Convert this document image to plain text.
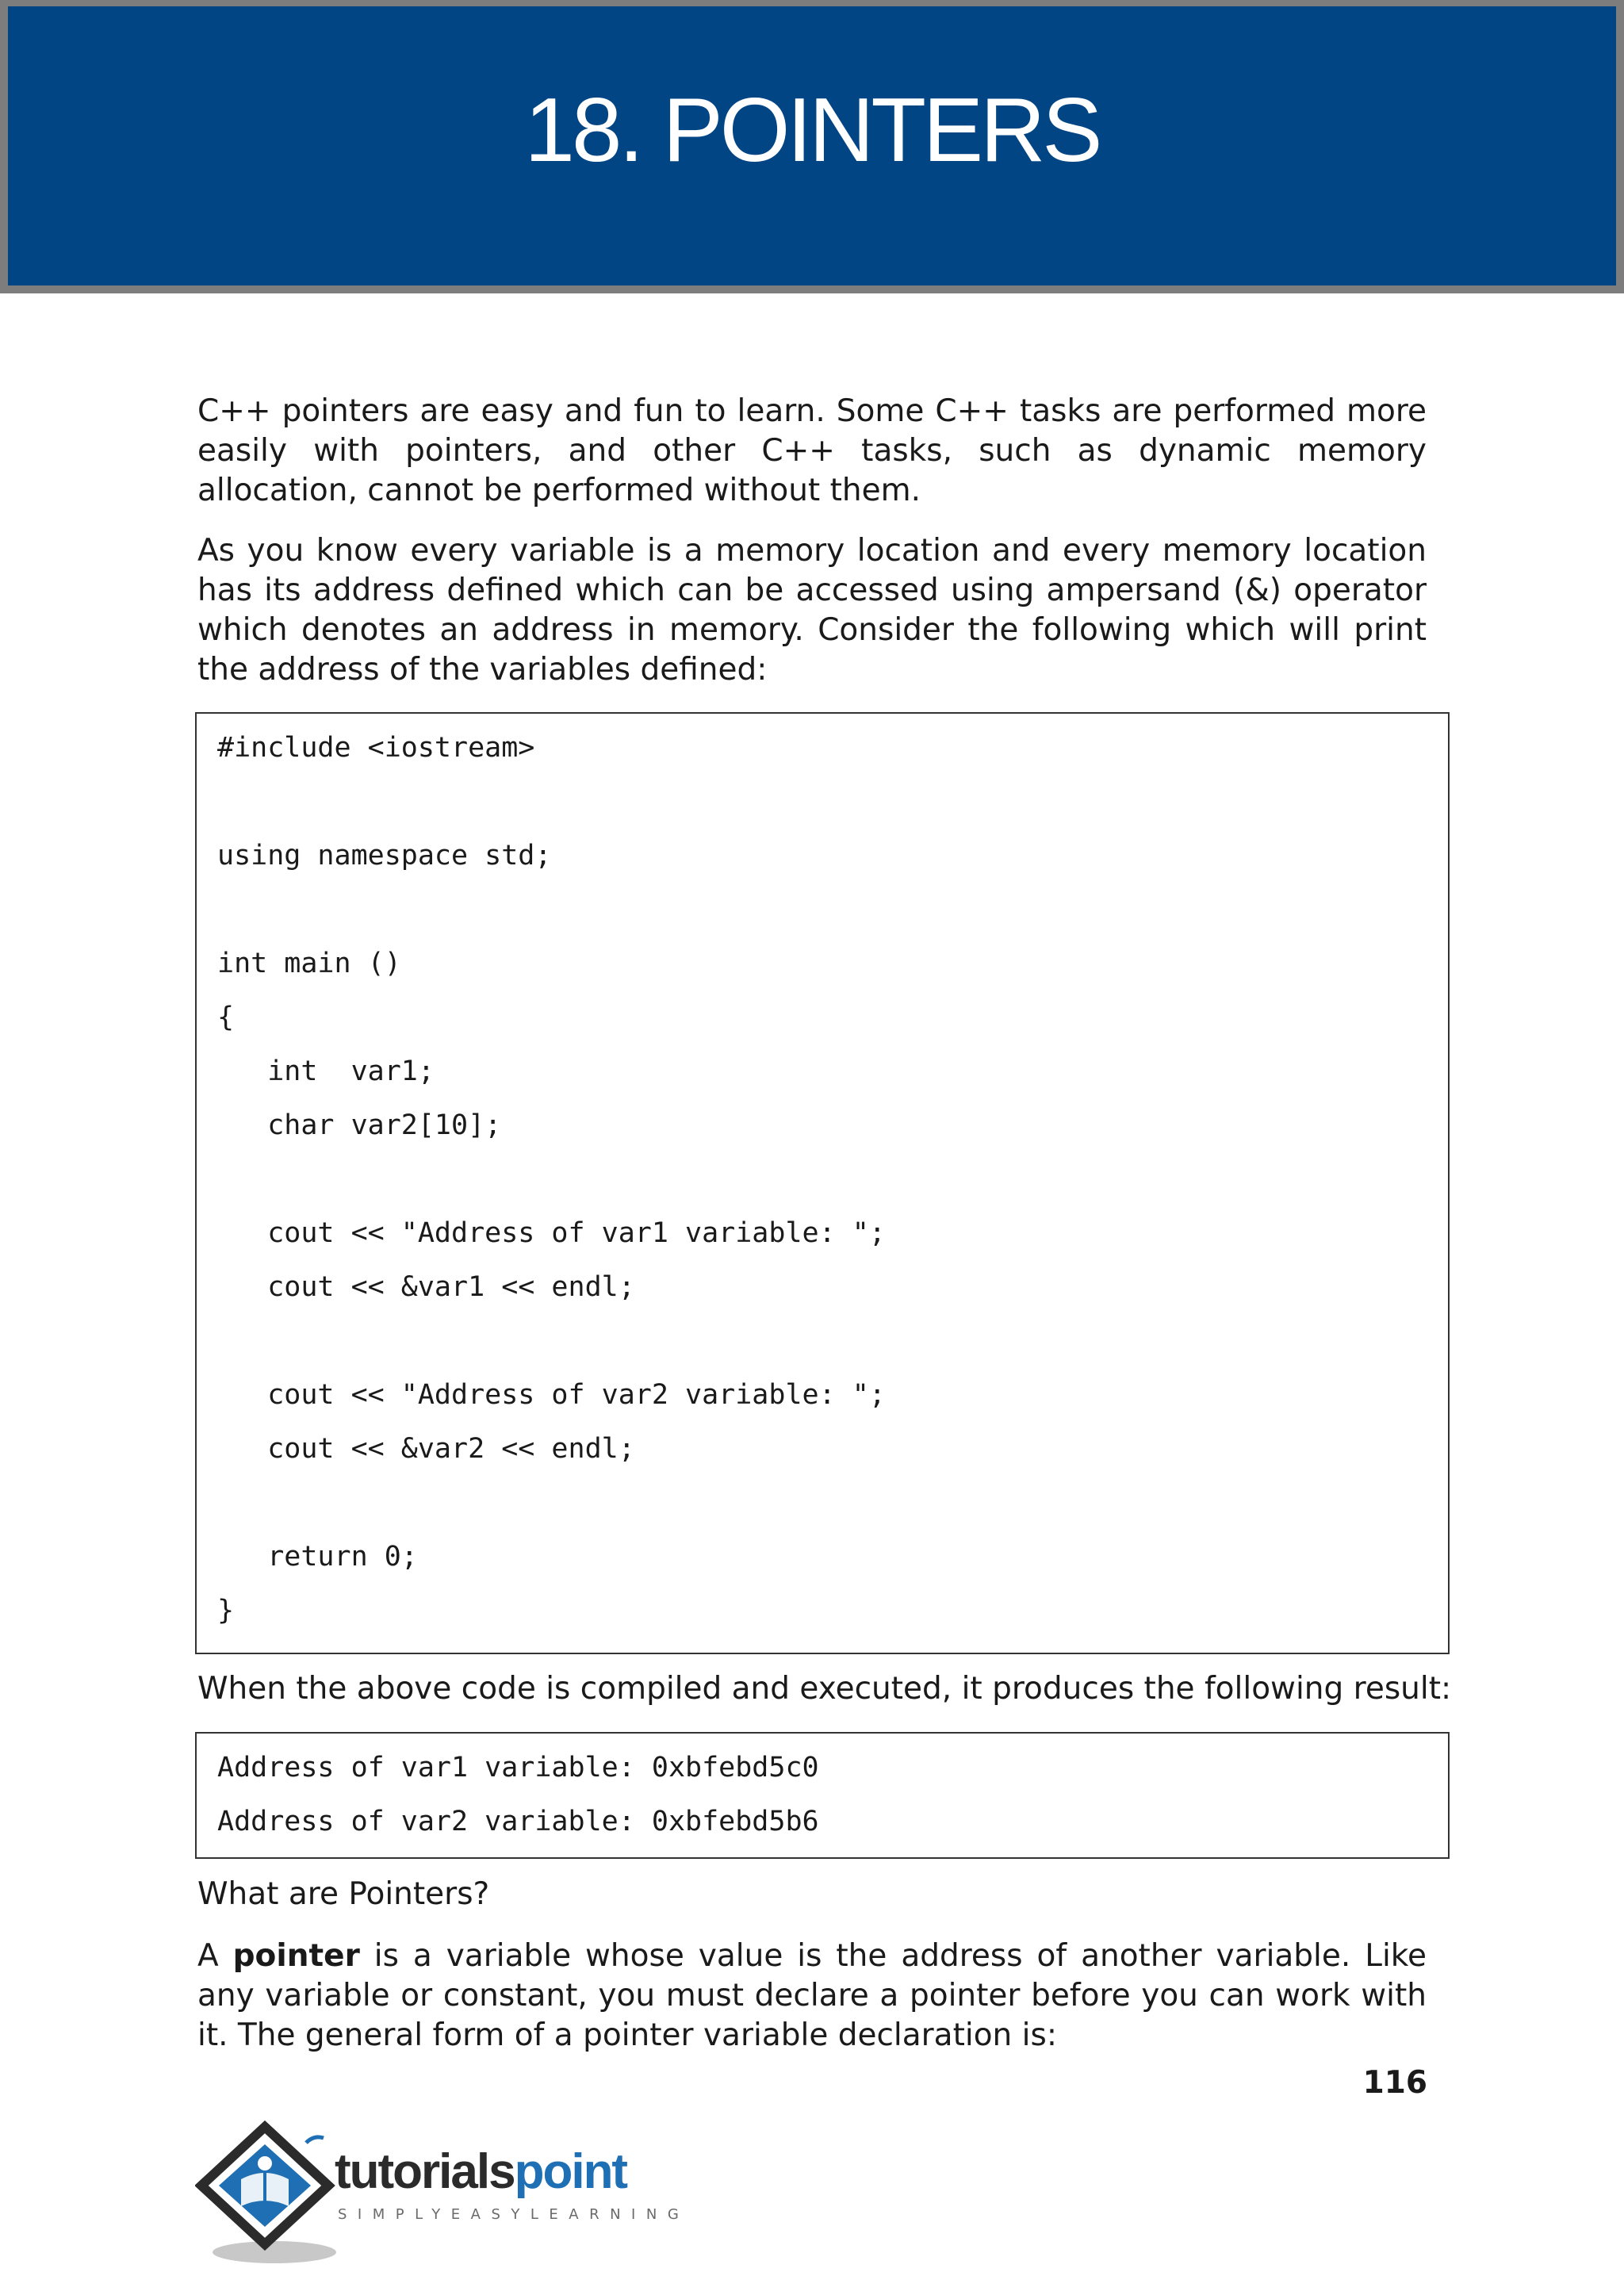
18. POINTERS

C++ pointers are easy and fun to learn. Some C++ tasks are performed more easily with pointers, and other C++ tasks, such as dynamic memory allocation, cannot be performed without them.

As you know every variable is a memory location and every memory location has its address defined which can be accessed using ampersand (&) operator which denotes an address in memory. Consider the following which will print the address of the variables defined:

#include <iostream>
using namespace std;
int main ()
{
int  var1;
char var2[10];
cout << "Address of var1 variable: ";
cout << &var1 << endl;
cout << "Address of var2 variable: ";
cout << &var2 << endl;
return 0;
}
When the above code is compiled and executed, it produces the following result:
Address of var1 variable: 0xbfebd5c0
Address of var2 variable: 0xbfebd5b6
What are Pointers?

A pointer is a variable whose value is the address of another variable. Like any variable or constant, you must declare a pointer before you can work with it. The general form of a pointer variable declaration is:

116
tutorialspoint
SIMPLYEASYLEARNING
